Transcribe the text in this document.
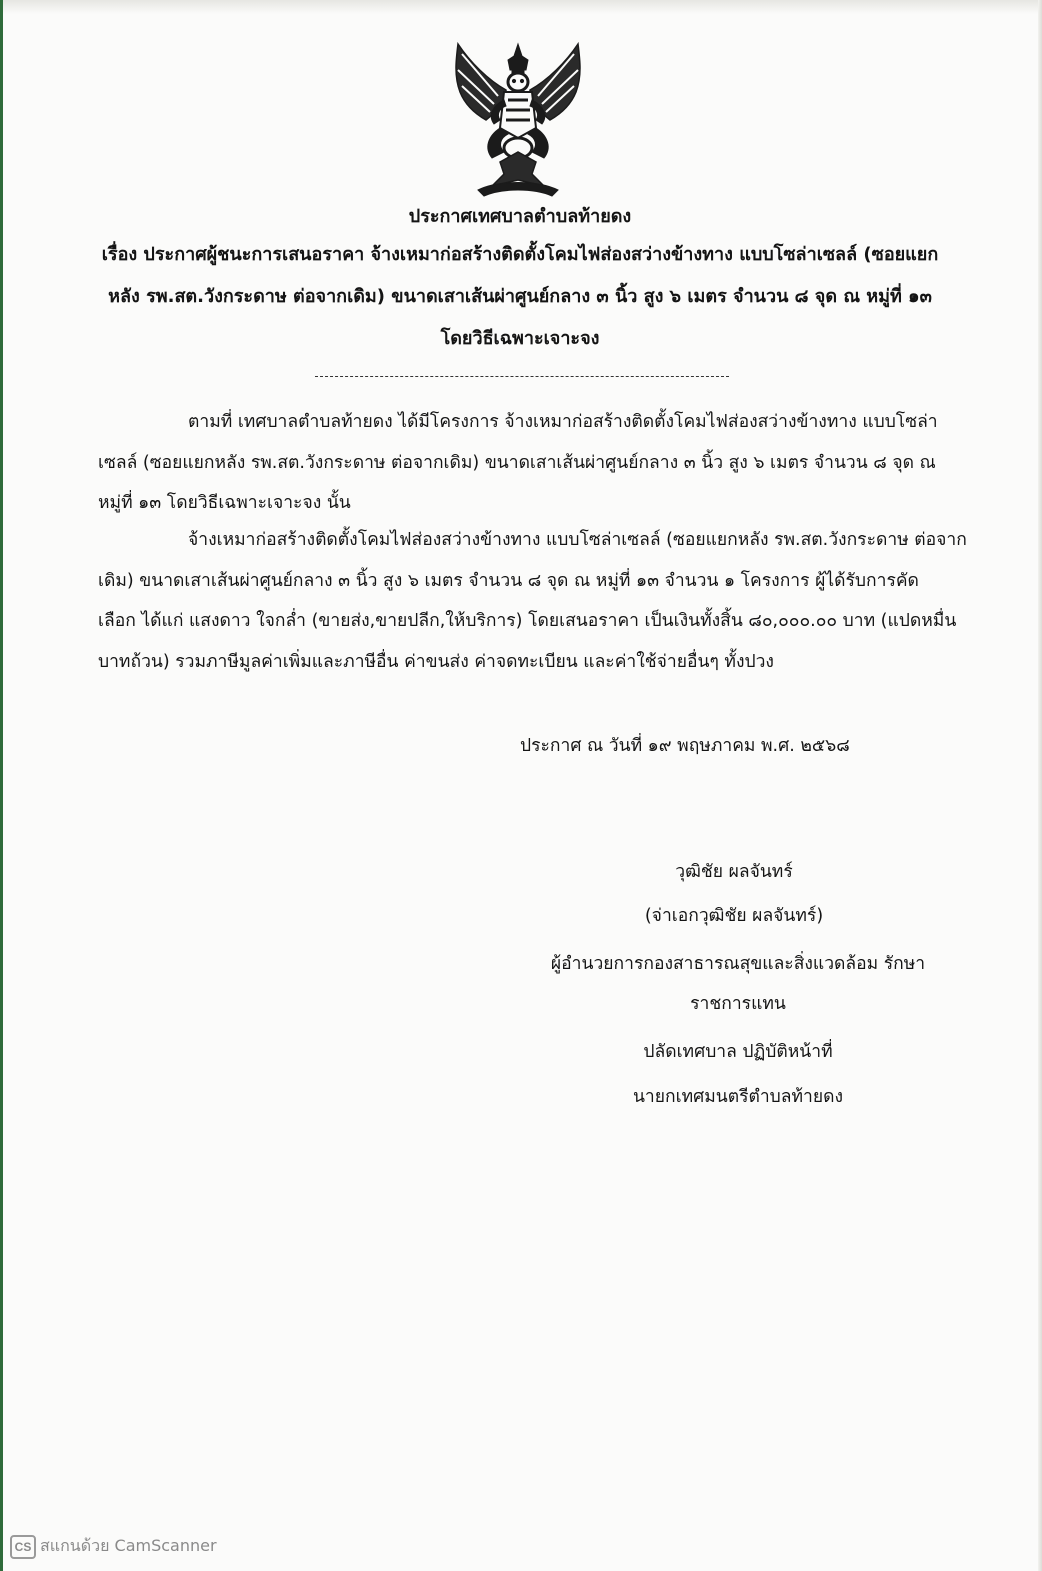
ประกาศเทศบาลตำบลท้ายดง
เรื่อง ประกาศผู้ชนะการเสนอราคา จ้างเหมาก่อสร้างติดตั้งโคมไฟส่องสว่างข้างทาง แบบโซล่าเซลล์ (ซอยแยก
หลัง รพ.สต.วังกระดาษ ต่อจากเดิม) ขนาดเสาเส้นผ่าศูนย์กลาง ๓ นิ้ว สูง ๖ เมตร จำนวน ๘ จุด ณ หมู่ที่ ๑๓
โดยวิธีเฉพาะเจาะจง
ตามที่ เทศบาลตำบลท้ายดง ได้มีโครงการ จ้างเหมาก่อสร้างติดตั้งโคมไฟส่องสว่างข้างทาง แบบโซล่า
เซลล์ (ซอยแยกหลัง รพ.สต.วังกระดาษ ต่อจากเดิม) ขนาดเสาเส้นผ่าศูนย์กลาง ๓ นิ้ว สูง ๖ เมตร จำนวน ๘ จุด ณ
หมู่ที่ ๑๓ โดยวิธีเฉพาะเจาะจง นั้น
จ้างเหมาก่อสร้างติดตั้งโคมไฟส่องสว่างข้างทาง แบบโซล่าเซลล์ (ซอยแยกหลัง รพ.สต.วังกระดาษ ต่อจาก
เดิม) ขนาดเสาเส้นผ่าศูนย์กลาง ๓ นิ้ว สูง ๖ เมตร จำนวน ๘ จุด ณ หมู่ที่ ๑๓ จำนวน ๑ โครงการ ผู้ได้รับการคัด
เลือก ได้แก่ แสงดาว ใจกล่ำ (ขายส่ง,ขายปลีก,ให้บริการ) โดยเสนอราคา เป็นเงินทั้งสิ้น ๘๐,๐๐๐.๐๐ บาท (แปดหมื่น
บาทถ้วน) รวมภาษีมูลค่าเพิ่มและภาษีอื่น ค่าขนส่ง ค่าจดทะเบียน และค่าใช้จ่ายอื่นๆ ทั้งปวง
ประกาศ ณ วันที่ ๑๙ พฤษภาคม พ.ศ. ๒๕๖๘
วุฒิชัย ผลจันทร์
(จ่าเอกวุฒิชัย ผลจันทร์)
ผู้อำนวยการกองสาธารณสุขและสิ่งแวดล้อม รักษา
ราชการแทน
ปลัดเทศบาล ปฏิบัติหน้าที่
นายกเทศมนตรีตำบลท้ายดง
CS สแกนด้วย CamScanner
